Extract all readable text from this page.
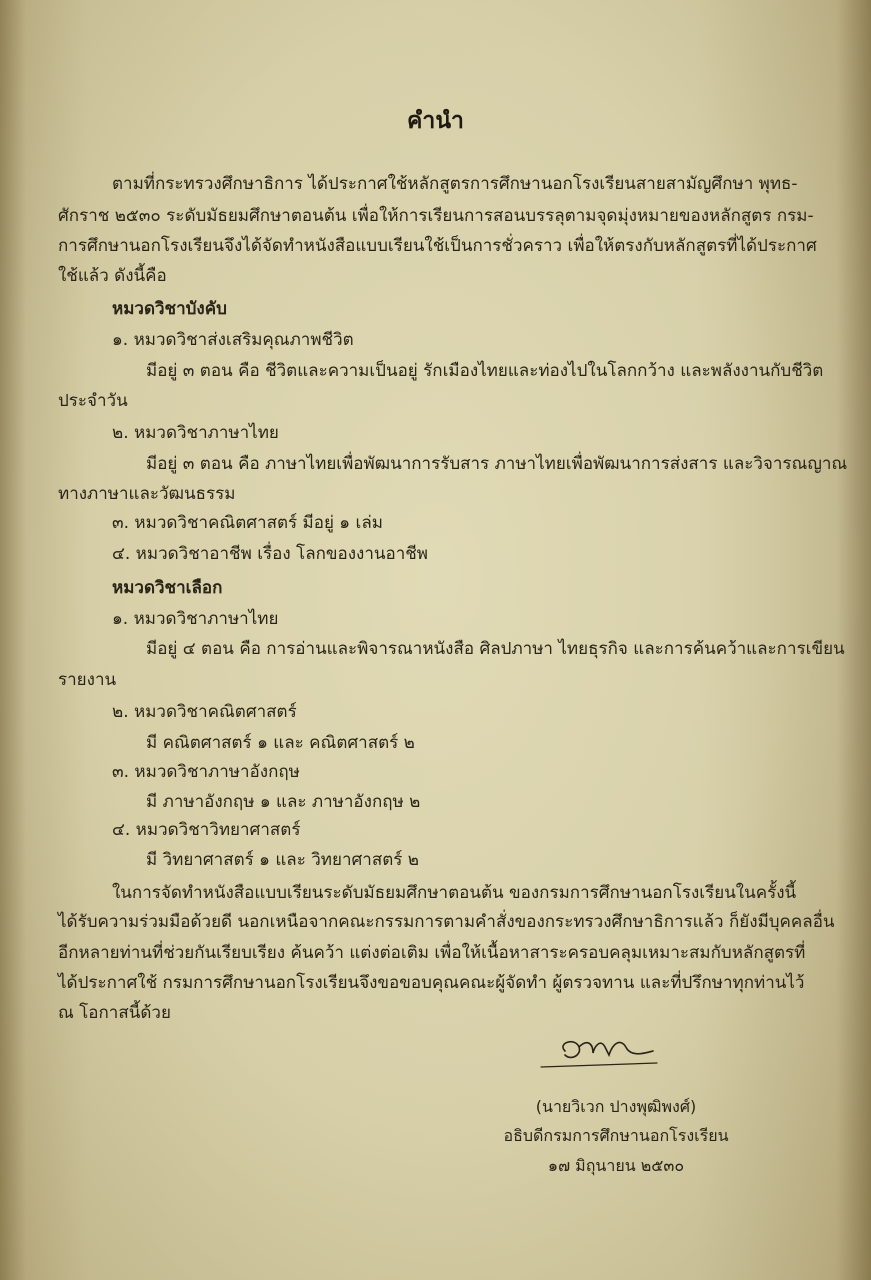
คำนำ
ตามที่กระทรวงศึกษาธิการ ได้ประกาศใช้หลักสูตรการศึกษานอกโรงเรียนสายสามัญศึกษา พุทธ-
ศักราช ๒๕๓๐ ระดับมัธยมศึกษาตอนต้น เพื่อให้การเรียนการสอนบรรลุตามจุดมุ่งหมายของหลักสูตร กรม-
การศึกษานอกโรงเรียนจึงได้จัดทำหนังสือแบบเรียนใช้เป็นการชั่วคราว เพื่อให้ตรงกับหลักสูตรที่ได้ประกาศ
ใช้แล้ว ดังนี้คือ
หมวดวิชาบังคับ
๑. หมวดวิชาส่งเสริมคุณภาพชีวิต
มีอยู่ ๓ ตอน คือ ชีวิตและความเป็นอยู่ รักเมืองไทยและท่องไปในโลกกว้าง และพลังงานกับชีวิต
ประจำวัน
๒. หมวดวิชาภาษาไทย
มีอยู่ ๓ ตอน คือ ภาษาไทยเพื่อพัฒนาการรับสาร ภาษาไทยเพื่อพัฒนาการส่งสาร และวิจารณญาณ
ทางภาษาและวัฒนธรรม
๓. หมวดวิชาคณิตศาสตร์ มีอยู่ ๑ เล่ม
๔. หมวดวิชาอาชีพ เรื่อง โลกของงานอาชีพ
หมวดวิชาเลือก
๑. หมวดวิชาภาษาไทย
มีอยู่ ๔ ตอน คือ การอ่านและพิจารณาหนังสือ ศิลปภาษา ไทยธุรกิจ และการค้นคว้าและการเขียน
รายงาน
๒. หมวดวิชาคณิตศาสตร์
มี คณิตศาสตร์ ๑ และ คณิตศาสตร์ ๒
๓. หมวดวิชาภาษาอังกฤษ
มี ภาษาอังกฤษ ๑ และ ภาษาอังกฤษ ๒
๔. หมวดวิชาวิทยาศาสตร์
มี วิทยาศาสตร์ ๑ และ วิทยาศาสตร์ ๒
ในการจัดทำหนังสือแบบเรียนระดับมัธยมศึกษาตอนต้น ของกรมการศึกษานอกโรงเรียนในครั้งนี้
ได้รับความร่วมมือด้วยดี นอกเหนือจากคณะกรรมการตามคำสั่งของกระทรวงศึกษาธิการแล้ว ก็ยังมีบุคคลอื่น
อีกหลายท่านที่ช่วยกันเรียบเรียง ค้นคว้า แต่งต่อเติม เพื่อให้เนื้อหาสาระครอบคลุมเหมาะสมกับหลักสูตรที่
ได้ประกาศใช้ กรมการศึกษานอกโรงเรียนจึงขอขอบคุณคณะผู้จัดทำ ผู้ตรวจทาน และที่ปรึกษาทุกท่านไว้
ณ โอกาสนี้ด้วย
(นายวิเวก ปางพุฒิพงศ์)
อธิบดีกรมการศึกษานอกโรงเรียน
๑๗ มิถุนายน ๒๕๓๐
